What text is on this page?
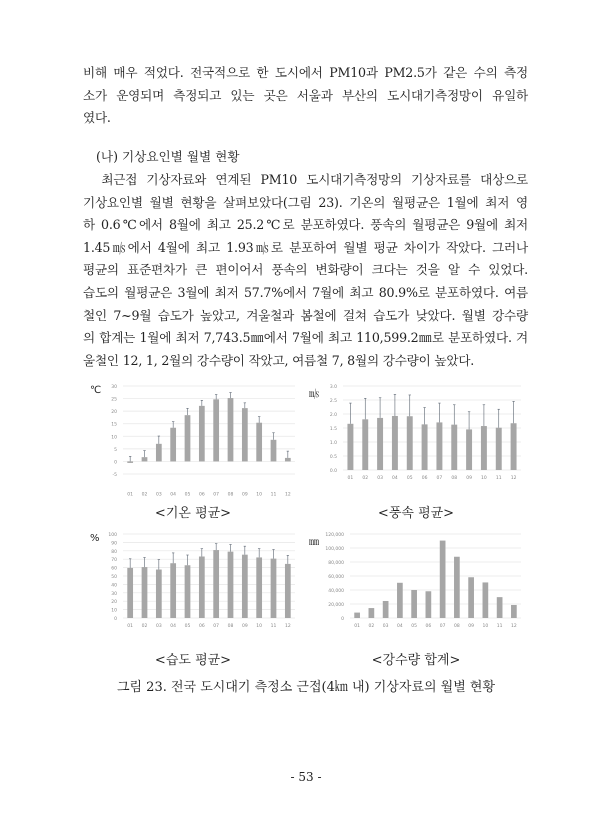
비해 매우 적었다. 전국적으로 한 도시에서 PM10과 PM2.5가 같은 수의 측정
소가 운영되며 측정되고 있는 곳은 서울과 부산의 도시대기측정망이 유일하
였다.
(나) 기상요인별 월별 현황
최근접 기상자료와 연계된 PM10 도시대기측정망의 기상자료를 대상으로
기상요인별 월별 현황을 살펴보았다(그림 23). 기온의 월평균은 1월에 최저 영
하 0.6℃에서 8월에 최고 25.2℃로 분포하였다. 풍속의 월평균은 9월에 최저
1.45㎧에서 4월에 최고 1.93㎧로 분포하여 월별 평균 차이가 작았다. 그러나
평균의 표준편차가 큰 편이어서 풍속의 변화량이 크다는 것을 알 수 있었다.
습도의 월평균은 3월에 최저 57.7%에서 7월에 최고 80.9%로 분포하였다. 여름
철인 7~9월 습도가 높았고, 겨울철과 봄철에 걸쳐 습도가 낮았다. 월별 강수량
의 합계는 1월에 최저 7,743.5㎜에서 7월에 최고 110,599.2㎜로 분포하였다. 겨
울철인 12, 1, 2월의 강수량이 작았고, 여름철 7, 8월의 강수량이 높았다.
℃
-5
0
5
10
15
20
25
30
01 02 03 04 05 06 07 08 09 10 11 12
<기온 평균>
㎧
0.0
0.5
1.0
1.5
2.0
2.5
3.0
01 02 03 04 05 06 07 08 09 10 11 12
<풍속 평균>
%
0
10
20
30
40
50
60
70
80
90
100
01 02 03 04 05 06 07 08 09 10 11 12
<습도 평균>
㎜
0
20,000
40,000
60,000
80,000
100,000
120,000
01 02 03 04 05 06 07 08 09 10 11 12
<강수량 합계>
그림 23. 전국 도시대기 측정소 근접(4㎞ 내) 기상자료의 월별 현황
- 53 -
